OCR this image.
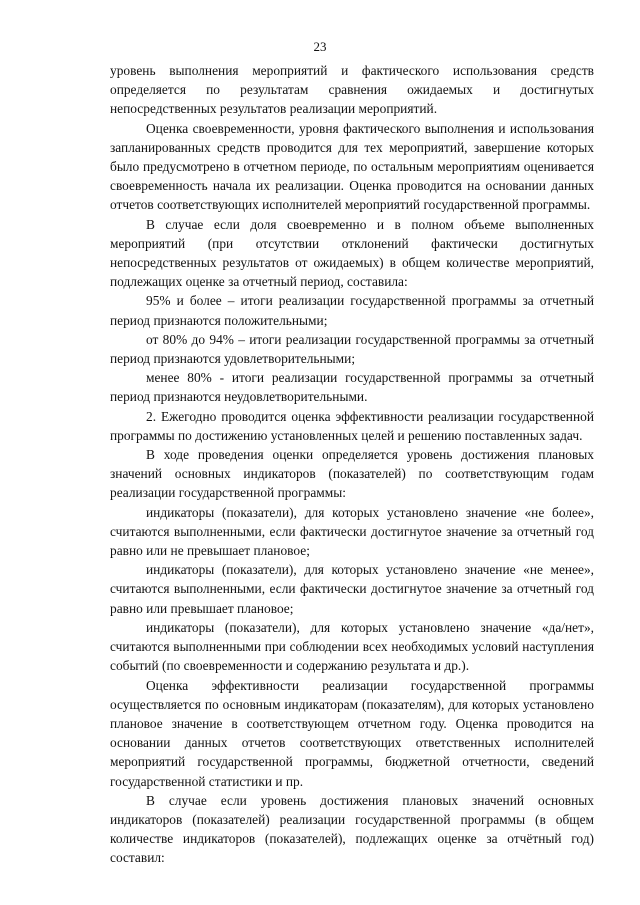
23

уровень выполнения мероприятий и фактического использования средств определяется по результатам сравнения ожидаемых и достигнутых непосредственных результатов реализации мероприятий.

Оценка своевременности, уровня фактического выполнения и использования запланированных средств проводится для тех мероприятий, завершение которых было предусмотрено в отчетном периоде, по остальным мероприятиям оценивается своевременность начала их реализации. Оценка проводится на основании данных отчетов соответствующих исполнителей мероприятий государственной программы.

В случае если доля своевременно и в полном объеме выполненных мероприятий (при отсутствии отклонений фактически достигнутых непосредственных результатов от ожидаемых) в общем количестве мероприятий, подлежащих оценке за отчетный период, составила:

95% и более – итоги реализации государственной программы за отчетный период признаются положительными;

от 80% до 94% – итоги реализации государственной программы за отчетный период признаются удовлетворительными;

менее 80% - итоги реализации государственной программы за отчетный период признаются неудовлетворительными.

2. Ежегодно проводится оценка эффективности реализации государственной программы по достижению установленных целей и решению поставленных задач.

В ходе проведения оценки определяется уровень достижения плановых значений основных индикаторов (показателей) по соответствующим годам реализации государственной программы:

индикаторы (показатели), для которых установлено значение «не более», считаются выполненными, если фактически достигнутое значение за отчетный год равно или не превышает плановое;

индикаторы (показатели), для которых установлено значение «не менее», считаются выполненными, если фактически достигнутое значение за отчетный год равно или превышает плановое;

индикаторы (показатели), для которых установлено значение «да/нет», считаются выполненными при соблюдении всех необходимых условий наступления событий (по своевременности и содержанию результата и др.).

Оценка эффективности реализации государственной программы осуществляется по основным индикаторам (показателям), для которых установлено плановое значение в соответствующем отчетном году. Оценка проводится на основании данных отчетов соответствующих ответственных исполнителей мероприятий государственной программы, бюджетной отчетности, сведений государственной статистики и пр.

В случае если уровень достижения плановых значений основных индикаторов (показателей) реализации государственной программы (в общем количестве индикаторов (показателей), подлежащих оценке за отчётный год) составил:
